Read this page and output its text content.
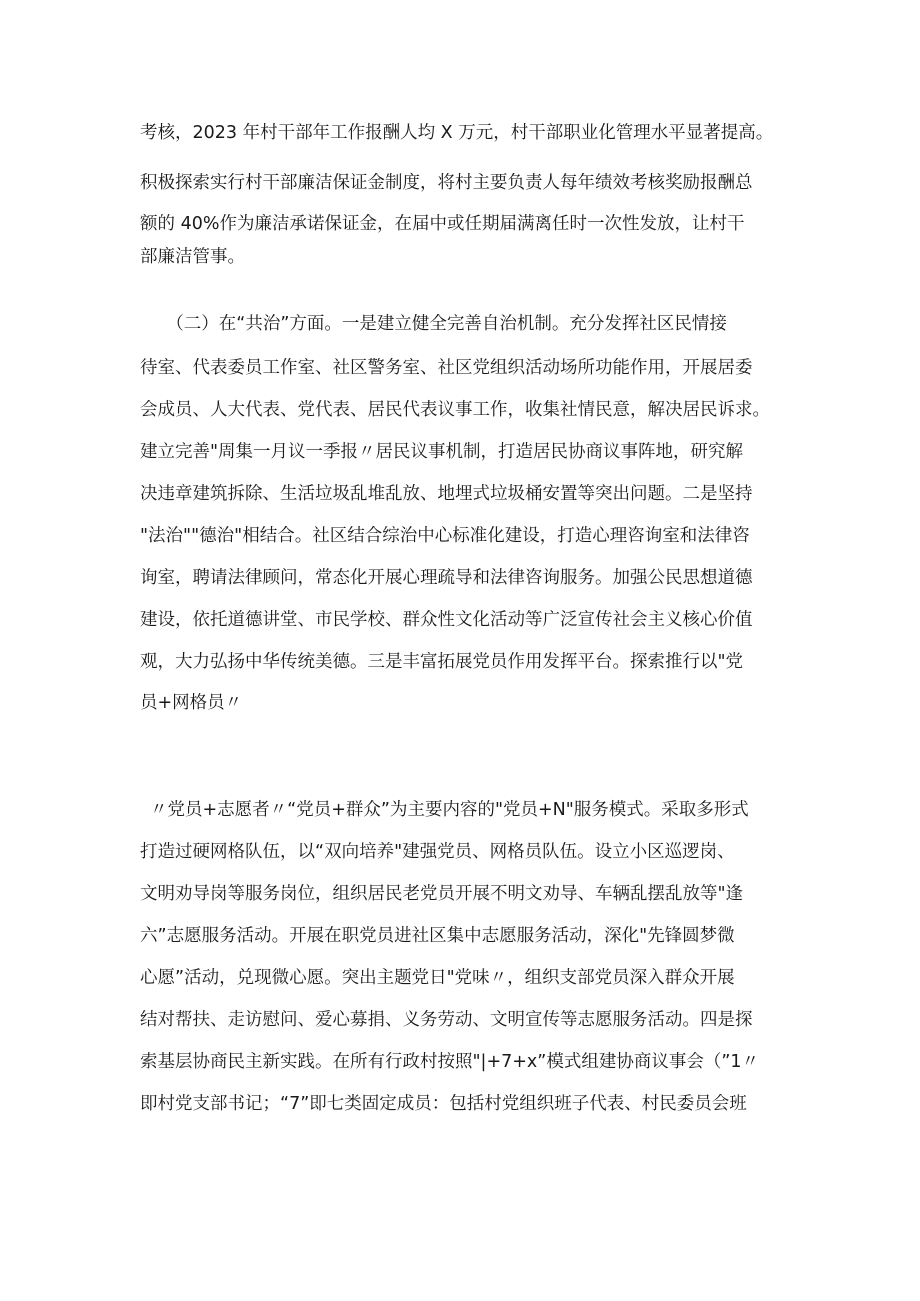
考核，2023 年村干部年工作报酬人均 X 万元，村干部职业化管理水平显著提高。
积极探索实行村干部廉洁保证金制度，将村主要负责人每年绩效考核奖励报酬总
额的 40%作为廉洁承诺保证金，在届中或任期届满离任时一次性发放，让村干
部廉洁管事。
　　（二）在“共治”方面。一是建立健全完善自治机制。充分发挥社区民情接
待室、代表委员工作室、社区警务室、社区党组织活动场所功能作用，开展居委
会成员、人大代表、党代表、居民代表议事工作，收集社情民意，解决居民诉求。
建立完善"周集一月议一季报〃居民议事机制，打造居民协商议事阵地，研究解
决违章建筑拆除、生活垃圾乱堆乱放、地埋式垃圾桶安置等突出问题。二是坚持
"法治""德治"相结合。社区结合综治中心标准化建设，打造心理咨询室和法律咨
询室，聘请法律顾问，常态化开展心理疏导和法律咨询服务。加强公民思想道德
建设，依托道德讲堂、市民学校、群众性文化活动等广泛宣传社会主义核心价值
观，大力弘扬中华传统美德。三是丰富拓展党员作用发挥平台。探索推行以"党
员+网格员〃
〃党员+志愿者〃“党员+群众”为主要内容的"党员+N"服务模式。采取多形式
打造过硬网格队伍，以“双向培养"建强党员、网格员队伍。设立小区巡逻岗、
文明劝导岗等服务岗位，组织居民老党员开展不明文劝导、车辆乱摆乱放等"逢
六”志愿服务活动。开展在职党员进社区集中志愿服务活动，深化"先锋圆梦微
心愿”活动，兑现微心愿。突出主题党日"党味〃，组织支部党员深入群众开展
结对帮扶、走访慰问、爱心募捐、义务劳动、文明宣传等志愿服务活动。四是探
索基层协商民主新实践。在所有行政村按照"|+7+x”模式组建协商议事会（”1〃
即村党支部书记；“7”即七类固定成员：包括村党组织班子代表、村民委员会班
